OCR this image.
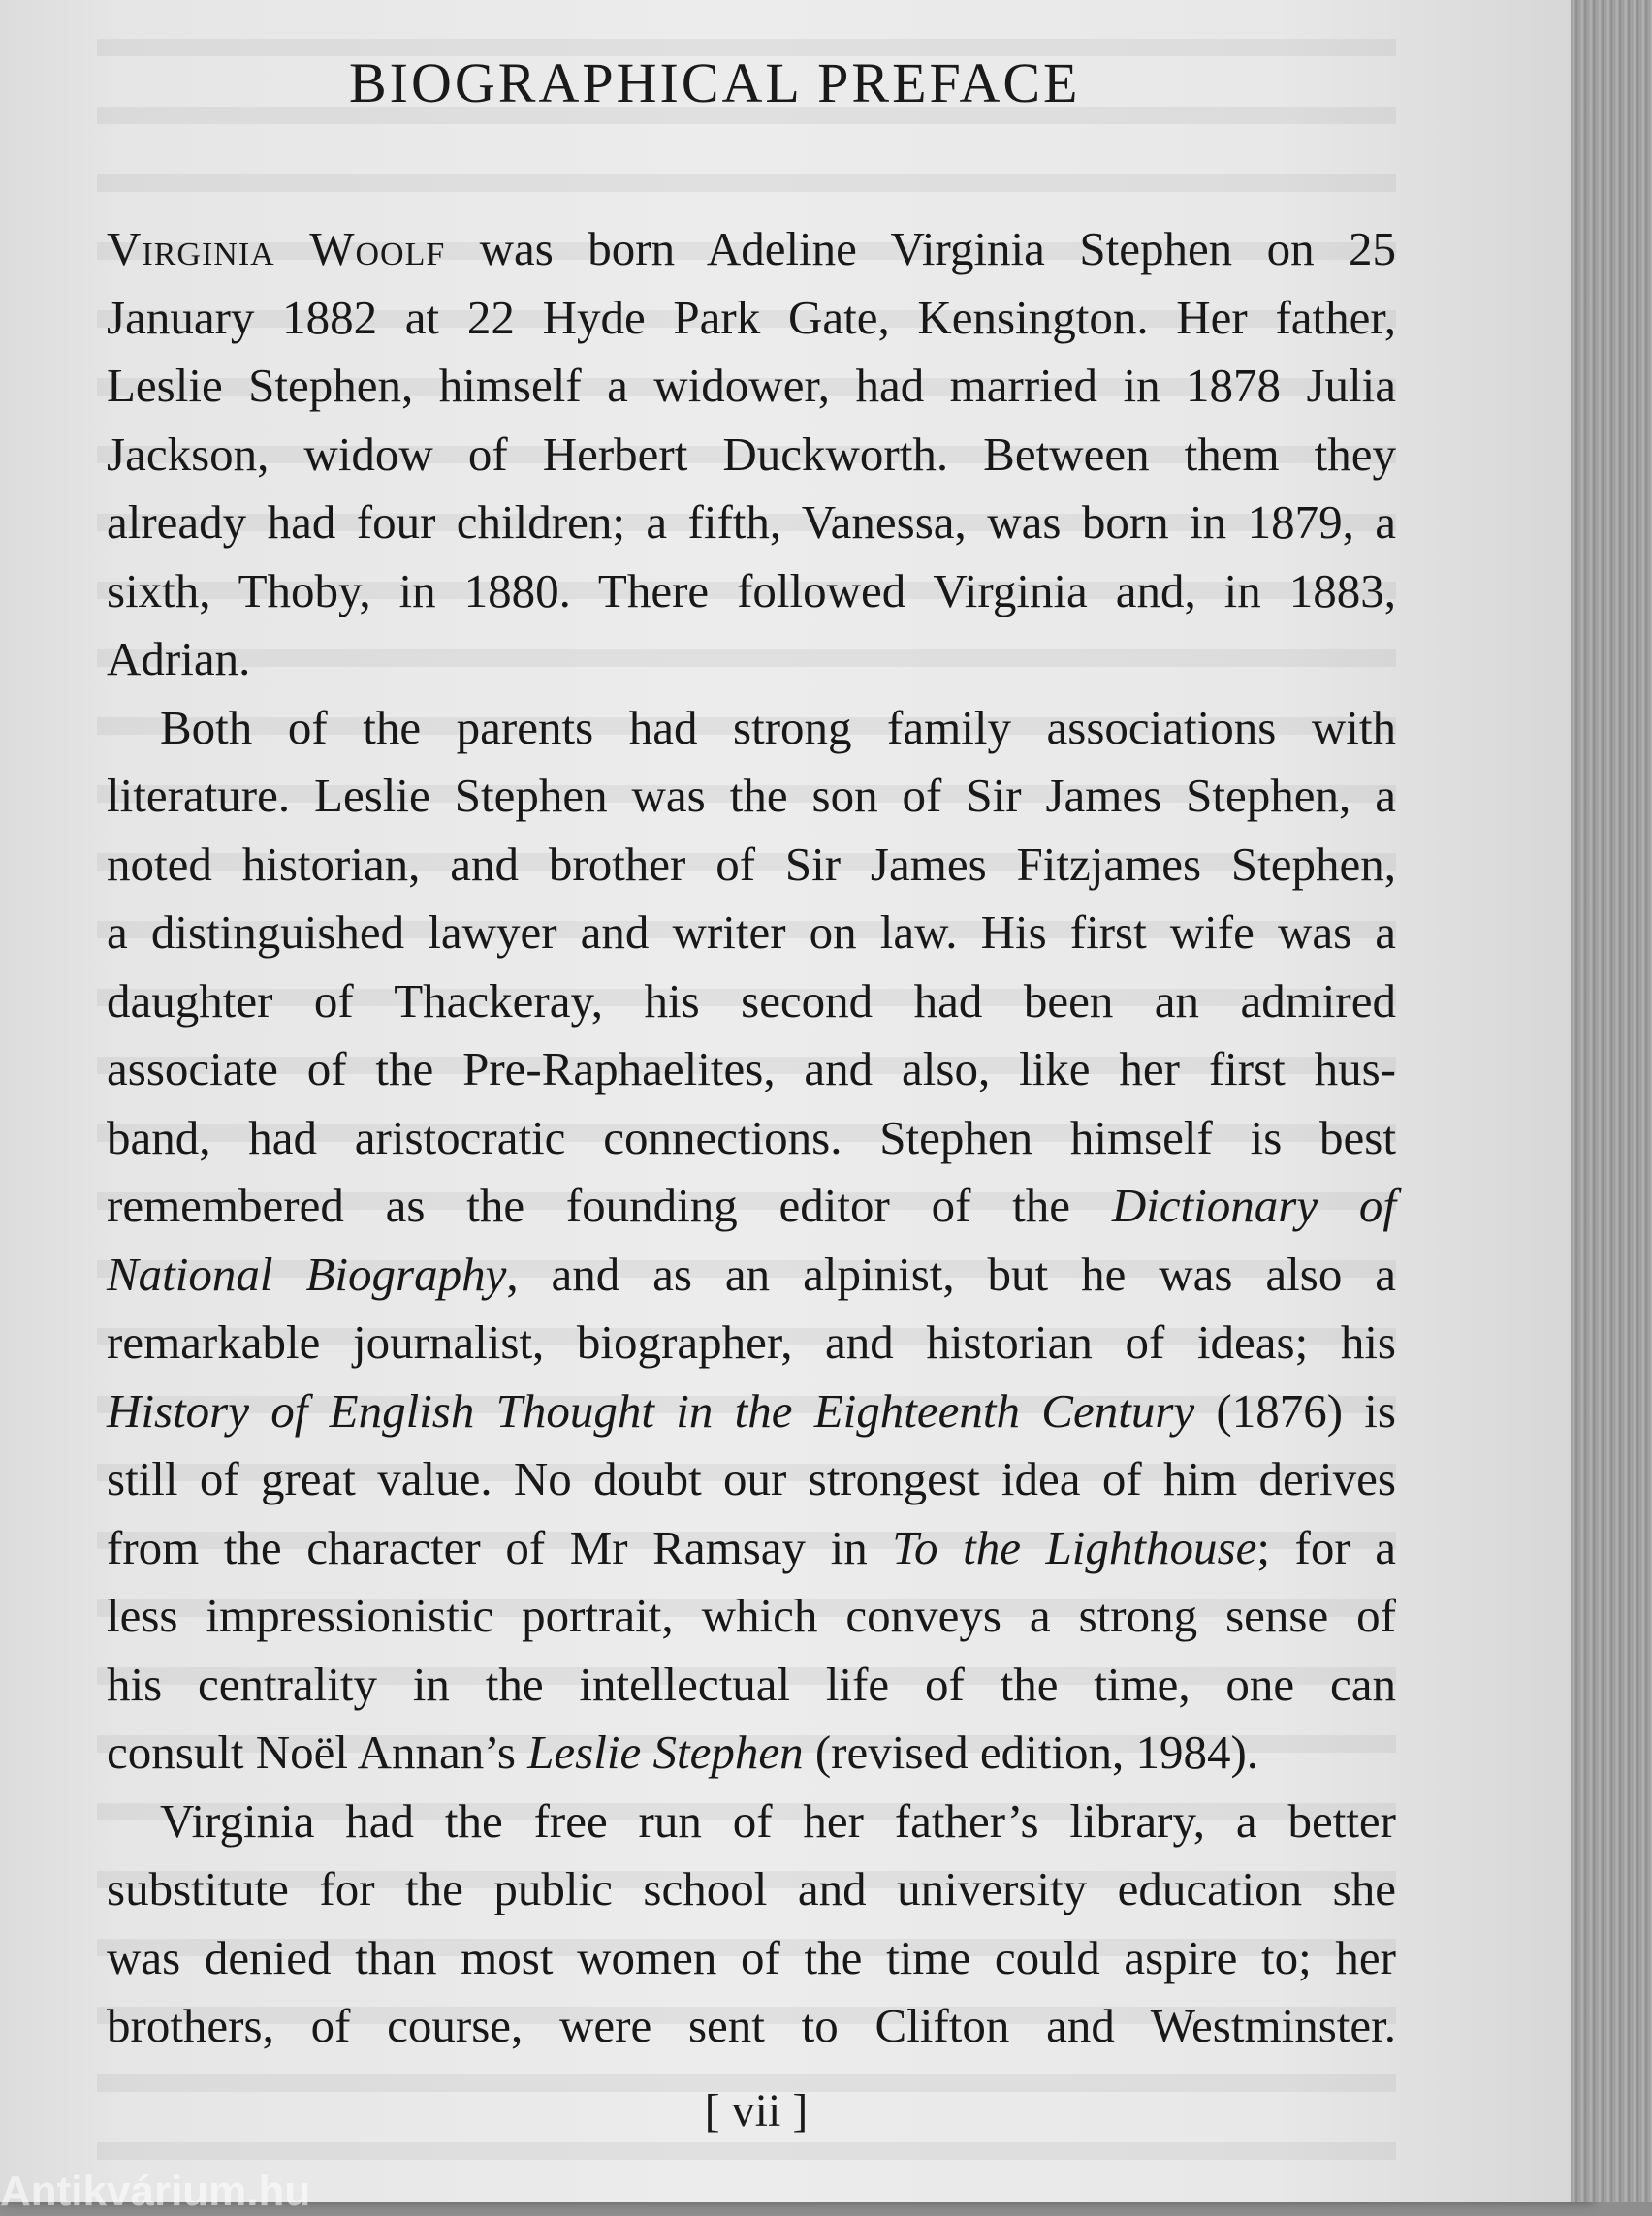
BIOGRAPHICAL PREFACE

Virginia Woolf was born Adeline Virginia Stephen on 25

January 1882 at 22 Hyde Park Gate, Kensington. Her father,

Leslie Stephen, himself a widower, had married in 1878 Julia

Jackson, widow of Herbert Duckworth. Between them they

already had four children; a fifth, Vanessa, was born in 1879, a

sixth, Thoby, in 1880. There followed Virginia and, in 1883,

Adrian.

Both of the parents had strong family associations with

literature. Leslie Stephen was the son of Sir James Stephen, a

noted historian, and brother of Sir James Fitzjames Stephen,

a distinguished lawyer and writer on law. His first wife was a

daughter of Thackeray, his second had been an admired

associate of the Pre-Raphaelites, and also, like her first hus-

band, had aristocratic connections. Stephen himself is best

remembered as the founding editor of the Dictionary of

National Biography, and as an alpinist, but he was also a

remarkable journalist, biographer, and historian of ideas; his

History of English Thought in the Eighteenth Century (1876) is

still of great value. No doubt our strongest idea of him derives

from the character of Mr Ramsay in To the Lighthouse; for a

less impressionistic portrait, which conveys a strong sense of

his centrality in the intellectual life of the time, one can

consult Noël Annan’s Leslie Stephen (revised edition, 1984).

Virginia had the free run of her father’s library, a better

substitute for the public school and university education she

was denied than most women of the time could aspire to; her

brothers, of course, were sent to Clifton and Westminster.

[ vii ]
Antikvárium.hu
